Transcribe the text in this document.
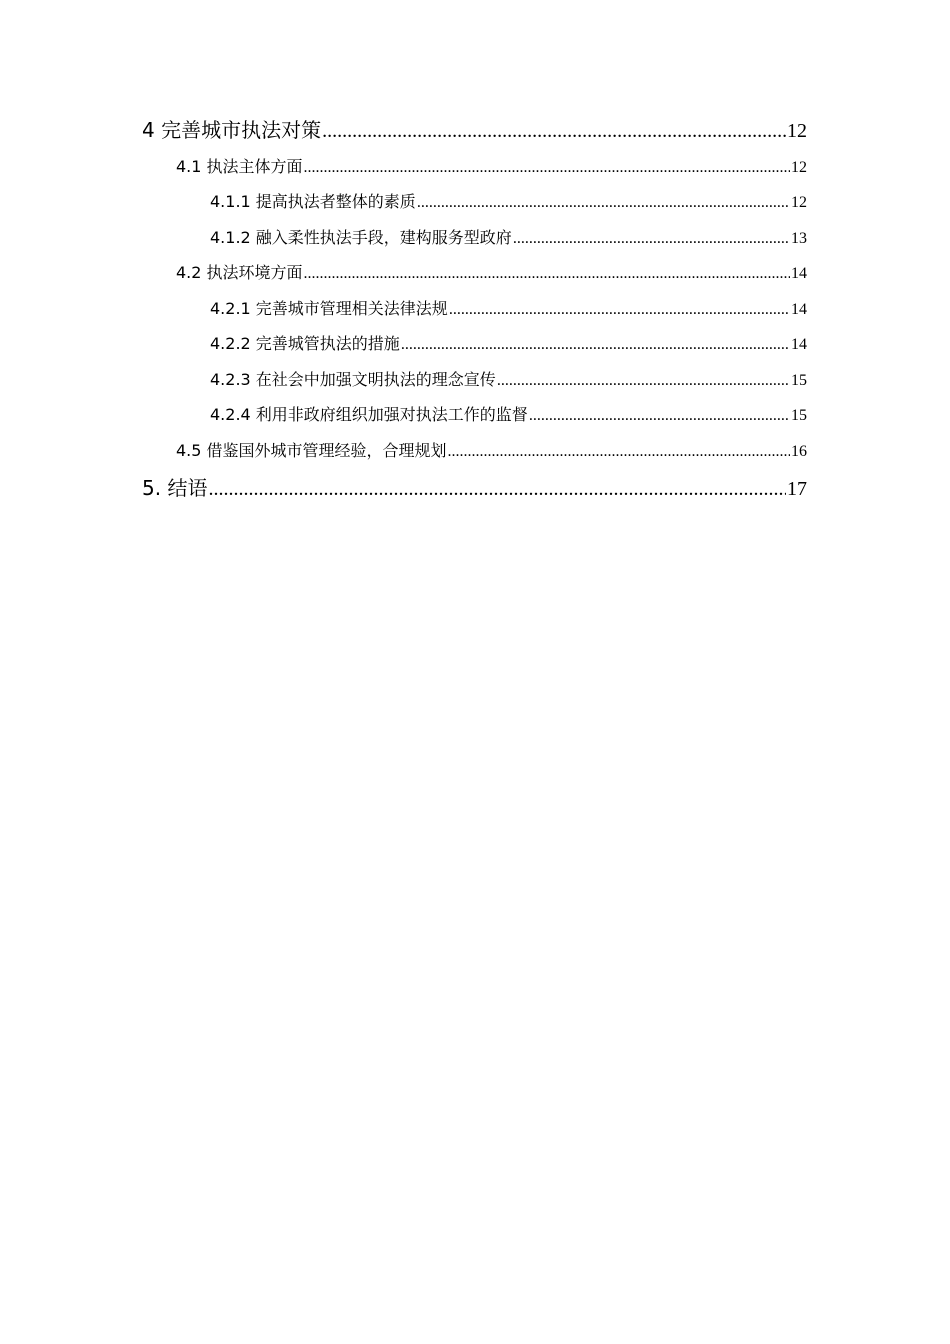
4 完善城市执法对策 .....	12
4.1 执法主体方面 .....	12
4.1.1 提高执法者整体的素质 .....	12
4.1.2 融入柔性执法手段，建构服务型政府 .....	13
4.2 执法环境方面 .....	14
4.2.1 完善城市管理相关法律法规 .....	14
4.2.2 完善城管执法的措施 .....	14
4.2.3 在社会中加强文明执法的理念宣传 .....	15
4.2.4 利用非政府组织加强对执法工作的监督 .....	15
4.5 借鉴国外城市管理经验，合理规划 .....	16
5. 结语 .....	17
